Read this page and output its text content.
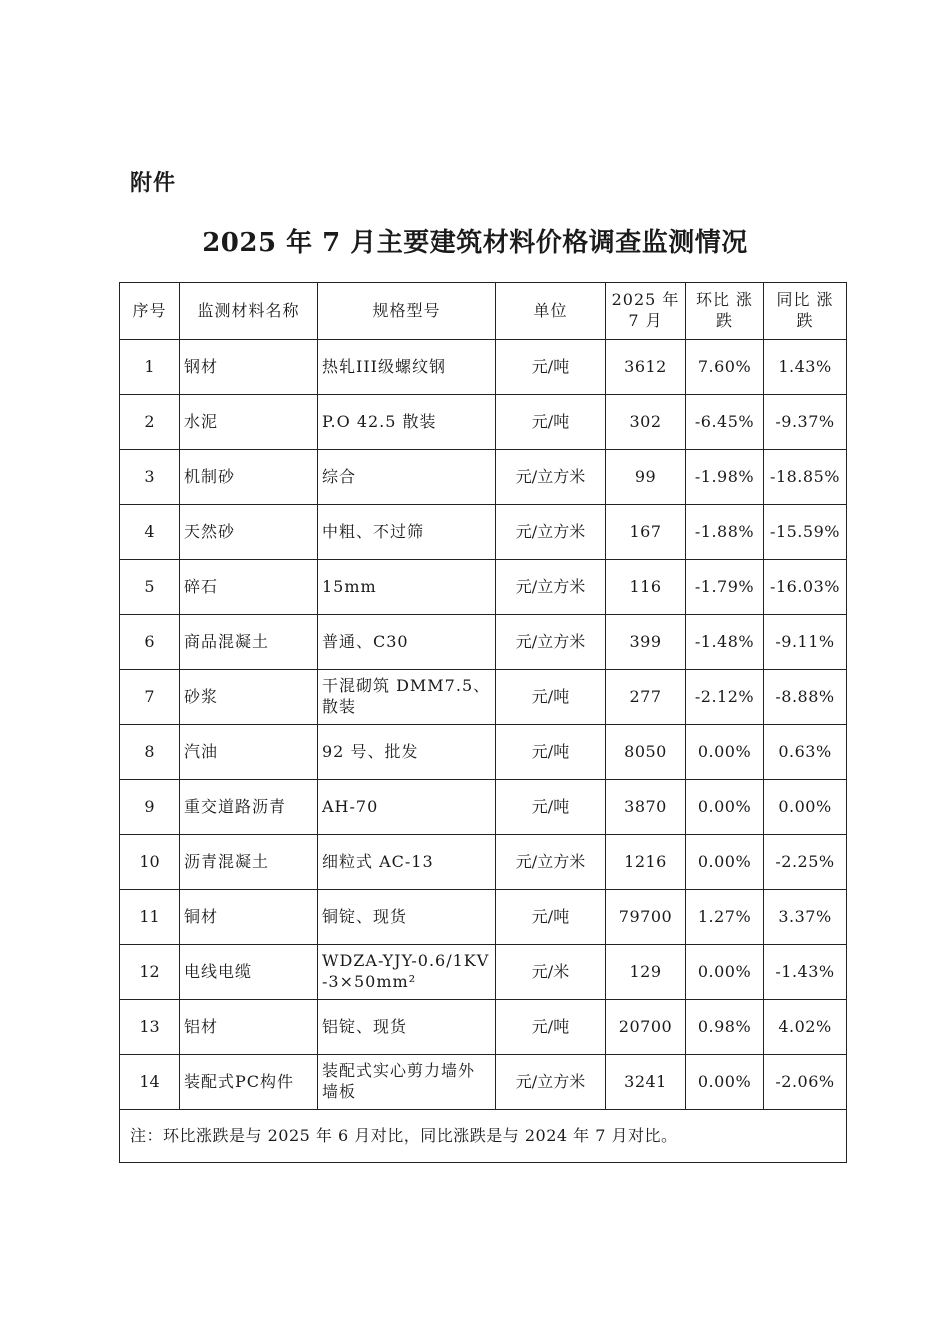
附件
2025 年 7 月主要建筑材料价格调查监测情况
序号	监测材料名称	规格型号	单位	2025 年 7 月	环比 涨跌	同比 涨跌
1	钢材	热轧III级螺纹钢	元/吨	3612	7.60%	1.43%
2	水泥	P.O 42.5 散装	元/吨	302	-6.45%	-9.37%
3	机制砂	综合	元/立方米	99	-1.98%	-18.85%
4	天然砂	中粗、不过筛	元/立方米	167	-1.88%	-15.59%
5	碎石	15mm	元/立方米	116	-1.79%	-16.03%
6	商品混凝土	普通、C30	元/立方米	399	-1.48%	-9.11%
7	砂浆	干混砌筑 DMM7.5、散装	元/吨	277	-2.12%	-8.88%
8	汽油	92 号、批发	元/吨	8050	0.00%	0.63%
9	重交道路沥青	AH-70	元/吨	3870	0.00%	0.00%
10	沥青混凝土	细粒式 AC-13	元/立方米	1216	0.00%	-2.25%
11	铜材	铜锭、现货	元/吨	79700	1.27%	3.37%
12	电线电缆	WDZA-YJY-0.6/1KV -3×50mm²	元/米	129	0.00%	-1.43%
13	铝材	铝锭、现货	元/吨	20700	0.98%	4.02%
14	装配式PC构件	装配式实心剪力墙外墙板	元/立方米	3241	0.00%	-2.06%
注：环比涨跌是与 2025 年 6 月对比，同比涨跌是与 2024 年 7 月对比。						
